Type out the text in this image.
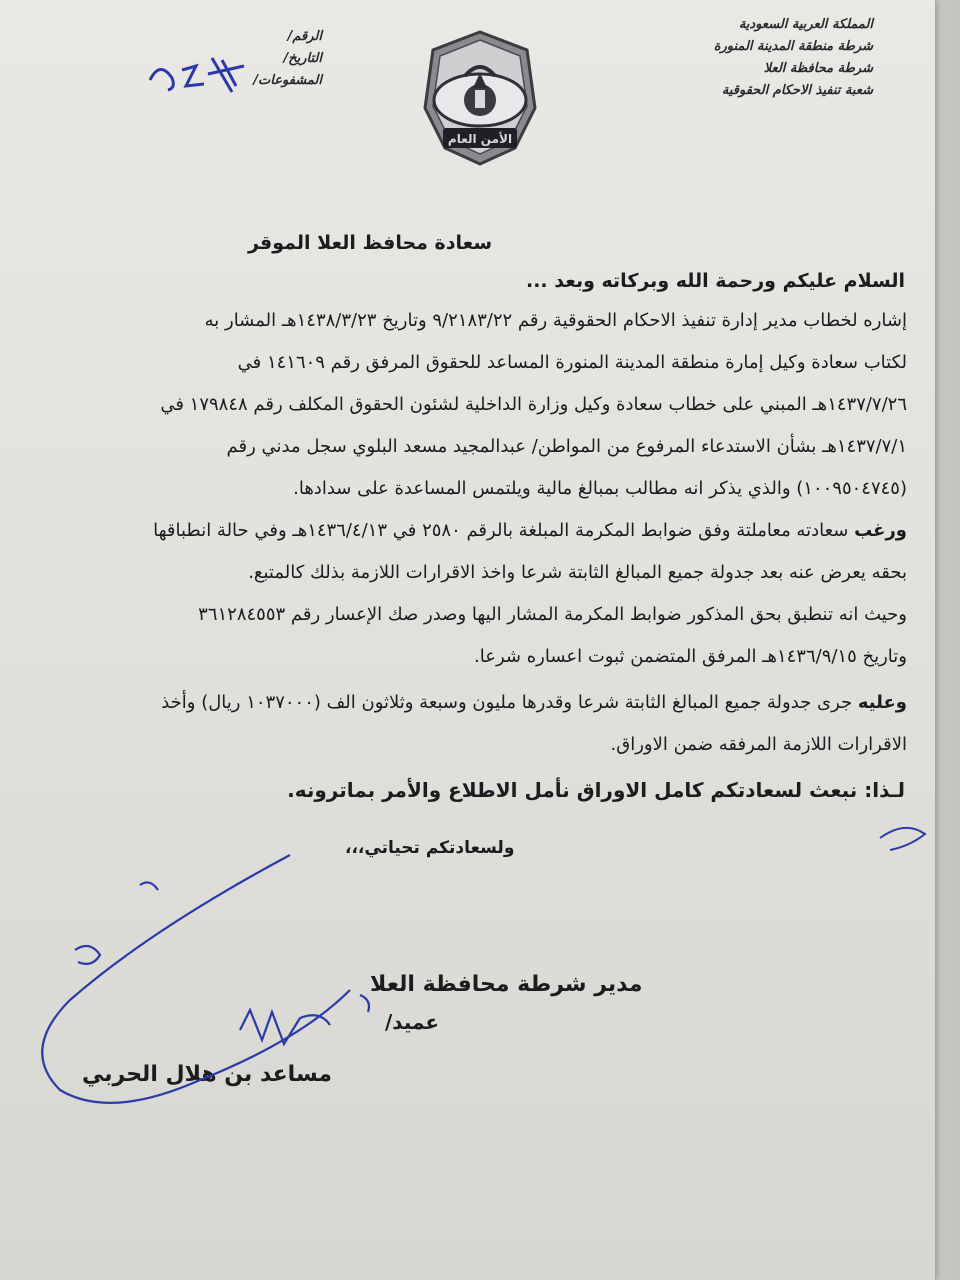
المملكة العربية السعودية
شرطة منطقة المدينة المنورة
شرطة محافظة العلا
شعبة تنفيذ الاحكام الحقوقية
الرقم/
التاريخ/
المشفوعات/
الأمن العام
سعادة محافظ العلا الموقر
السلام عليكم ورحمة الله وبركاته وبعد ...
إشاره لخطاب مدير إدارة تنفيذ الاحكام الحقوقية رقم ٩/٢١٨٣/٢٢ وتاريخ ١٤٣٨/٣/٢٣هـ المشار به
لكتاب سعادة وكيل إمارة منطقة المدينة المنورة المساعد للحقوق المرفق رقم ١٤١٦٠٩ في
١٤٣٧/٧/٢٦هـ المبني على خطاب سعادة وكيل وزارة الداخلية لشئون الحقوق المكلف رقم ١٧٩٨٤٨ في
١٤٣٧/٧/١هـ بشأن الاستدعاء المرفوع من المواطن/ عبدالمجيد مسعد البلوي سجل مدني رقم
(١٠٠٩٥٠٤٧٤٥) والذي يذكر انه مطالب بمبالغ مالية ويلتمس المساعدة على سدادها.
ورغب سعادته معاملتة وفق ضوابط المكرمة المبلغة بالرقم ٢٥٨٠ في ١٤٣٦/٤/١٣هـ وفي حالة انطباقها
بحقه يعرض عنه بعد جدولة جميع المبالغ الثابتة شرعا واخذ الاقرارات اللازمة بذلك كالمتبع.
وحيث انه تنطبق بحق المذكور ضوابط المكرمة المشار اليها وصدر صك الإعسار رقم ٣٦١٢٨٤٥٥٣
وتاريخ ١٤٣٦/٩/١٥هـ المرفق المتضمن ثبوت اعساره شرعا.
وعليه جرى جدولة جميع المبالغ الثابتة شرعا وقدرها مليون وسبعة وثلاثون الف (١٠٣٧٠٠٠ ريال) وأخذ
الاقرارات اللازمة المرفقه ضمن الاوراق.
لـذا: نبعث لسعادتكم كامل الاوراق نأمل الاطلاع والأمر بماترونه.
ولسعادتكم تحياتي،،،
مدير شرطة محافظة العلا
عميد/
مساعد بن هلال الحربي
